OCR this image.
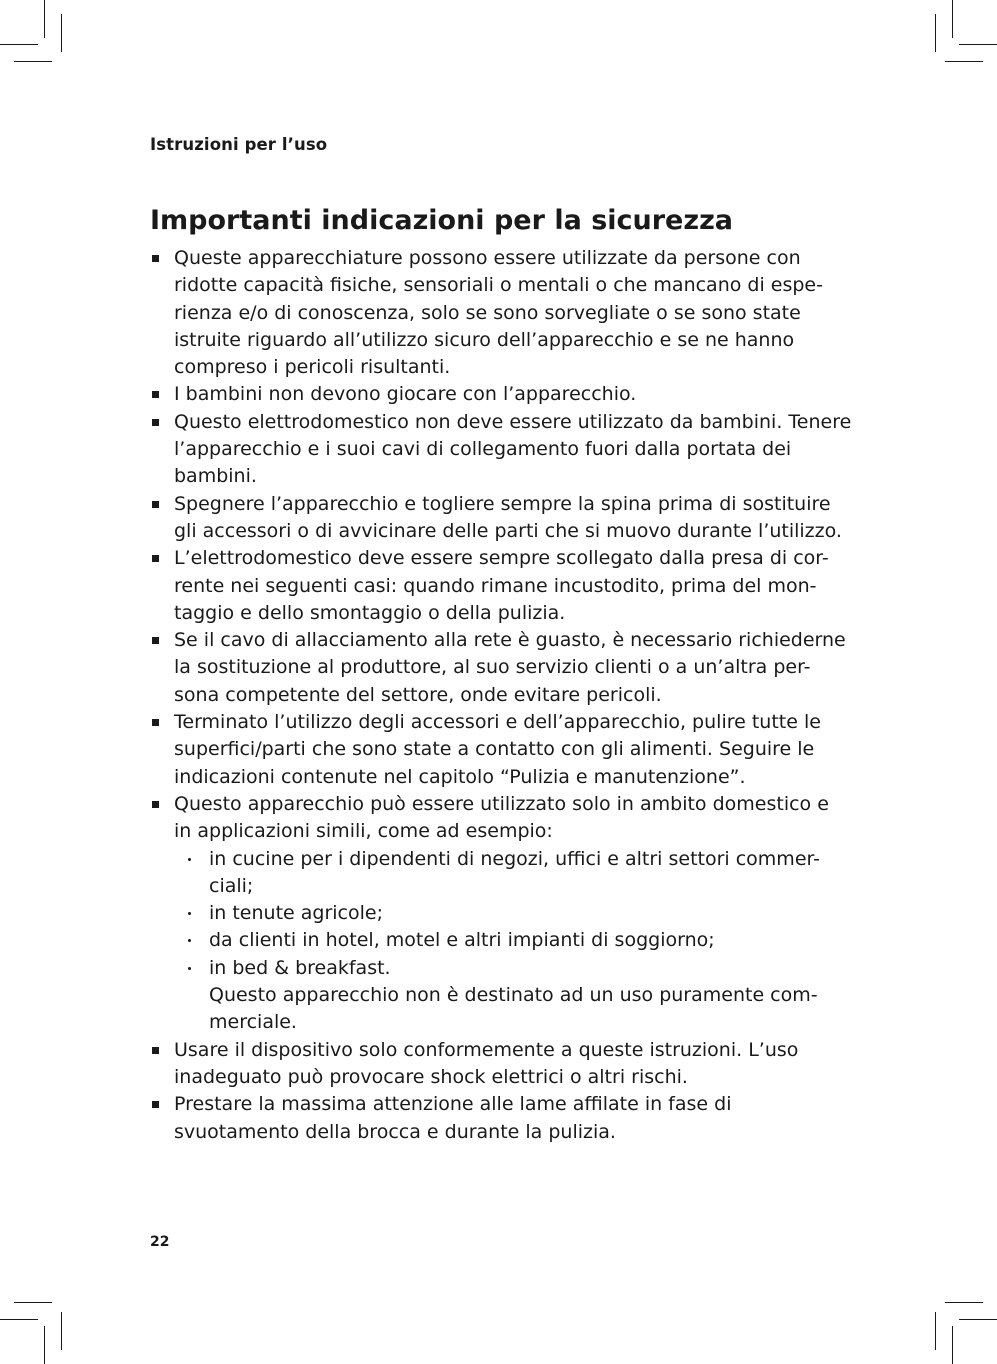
Istruzioni per l’uso
Importanti indicazioni per la sicurezza
Queste apparecchiature possono essere utilizzate da persone con
ridotte capacità fisiche, sensoriali o mentali o che mancano di espe-
rienza e/o di conoscenza, solo se sono sorvegliate o se sono state
istruite riguardo all’utilizzo sicuro dell’apparecchio e se ne hanno
compreso i pericoli risultanti.
I bambini non devono giocare con l’apparecchio.
Questo elettrodomestico non deve essere utilizzato da bambini. Tenere
l’apparecchio e i suoi cavi di collegamento fuori dalla portata dei
bambini.
Spegnere l’apparecchio e togliere sempre la spina prima di sostituire
gli accessori o di avvicinare delle parti che si muovo durante l’utilizzo.
L’elettrodomestico deve essere sempre scollegato dalla presa di cor-
rente nei seguenti casi: quando rimane incustodito, prima del mon-
taggio e dello smontaggio o della pulizia.
Se il cavo di allacciamento alla rete è guasto, è necessario richiederne
la sostituzione al produttore, al suo servizio clienti o a un’altra per-
sona competente del settore, onde evitare pericoli.
Terminato l’utilizzo degli accessori e dell’apparecchio, pulire tutte le
superfici/parti che sono state a contatto con gli alimenti. Seguire le
indicazioni contenute nel capitolo “Pulizia e manutenzione”.
Questo apparecchio può essere utilizzato solo in ambito domestico e
in applicazioni simili, come ad esempio:
in cucine per i dipendenti di negozi, uffici e altri settori commer-
ciali;
in tenute agricole;
da clienti in hotel, motel e altri impianti di soggiorno;
in bed & breakfast.
Questo apparecchio non è destinato ad un uso puramente com-
merciale.
Usare il dispositivo solo conformemente a queste istruzioni. L’uso
inadeguato può provocare shock elettrici o altri rischi.
Prestare la massima attenzione alle lame affilate in fase di
svuotamento della brocca e durante la pulizia.
22
